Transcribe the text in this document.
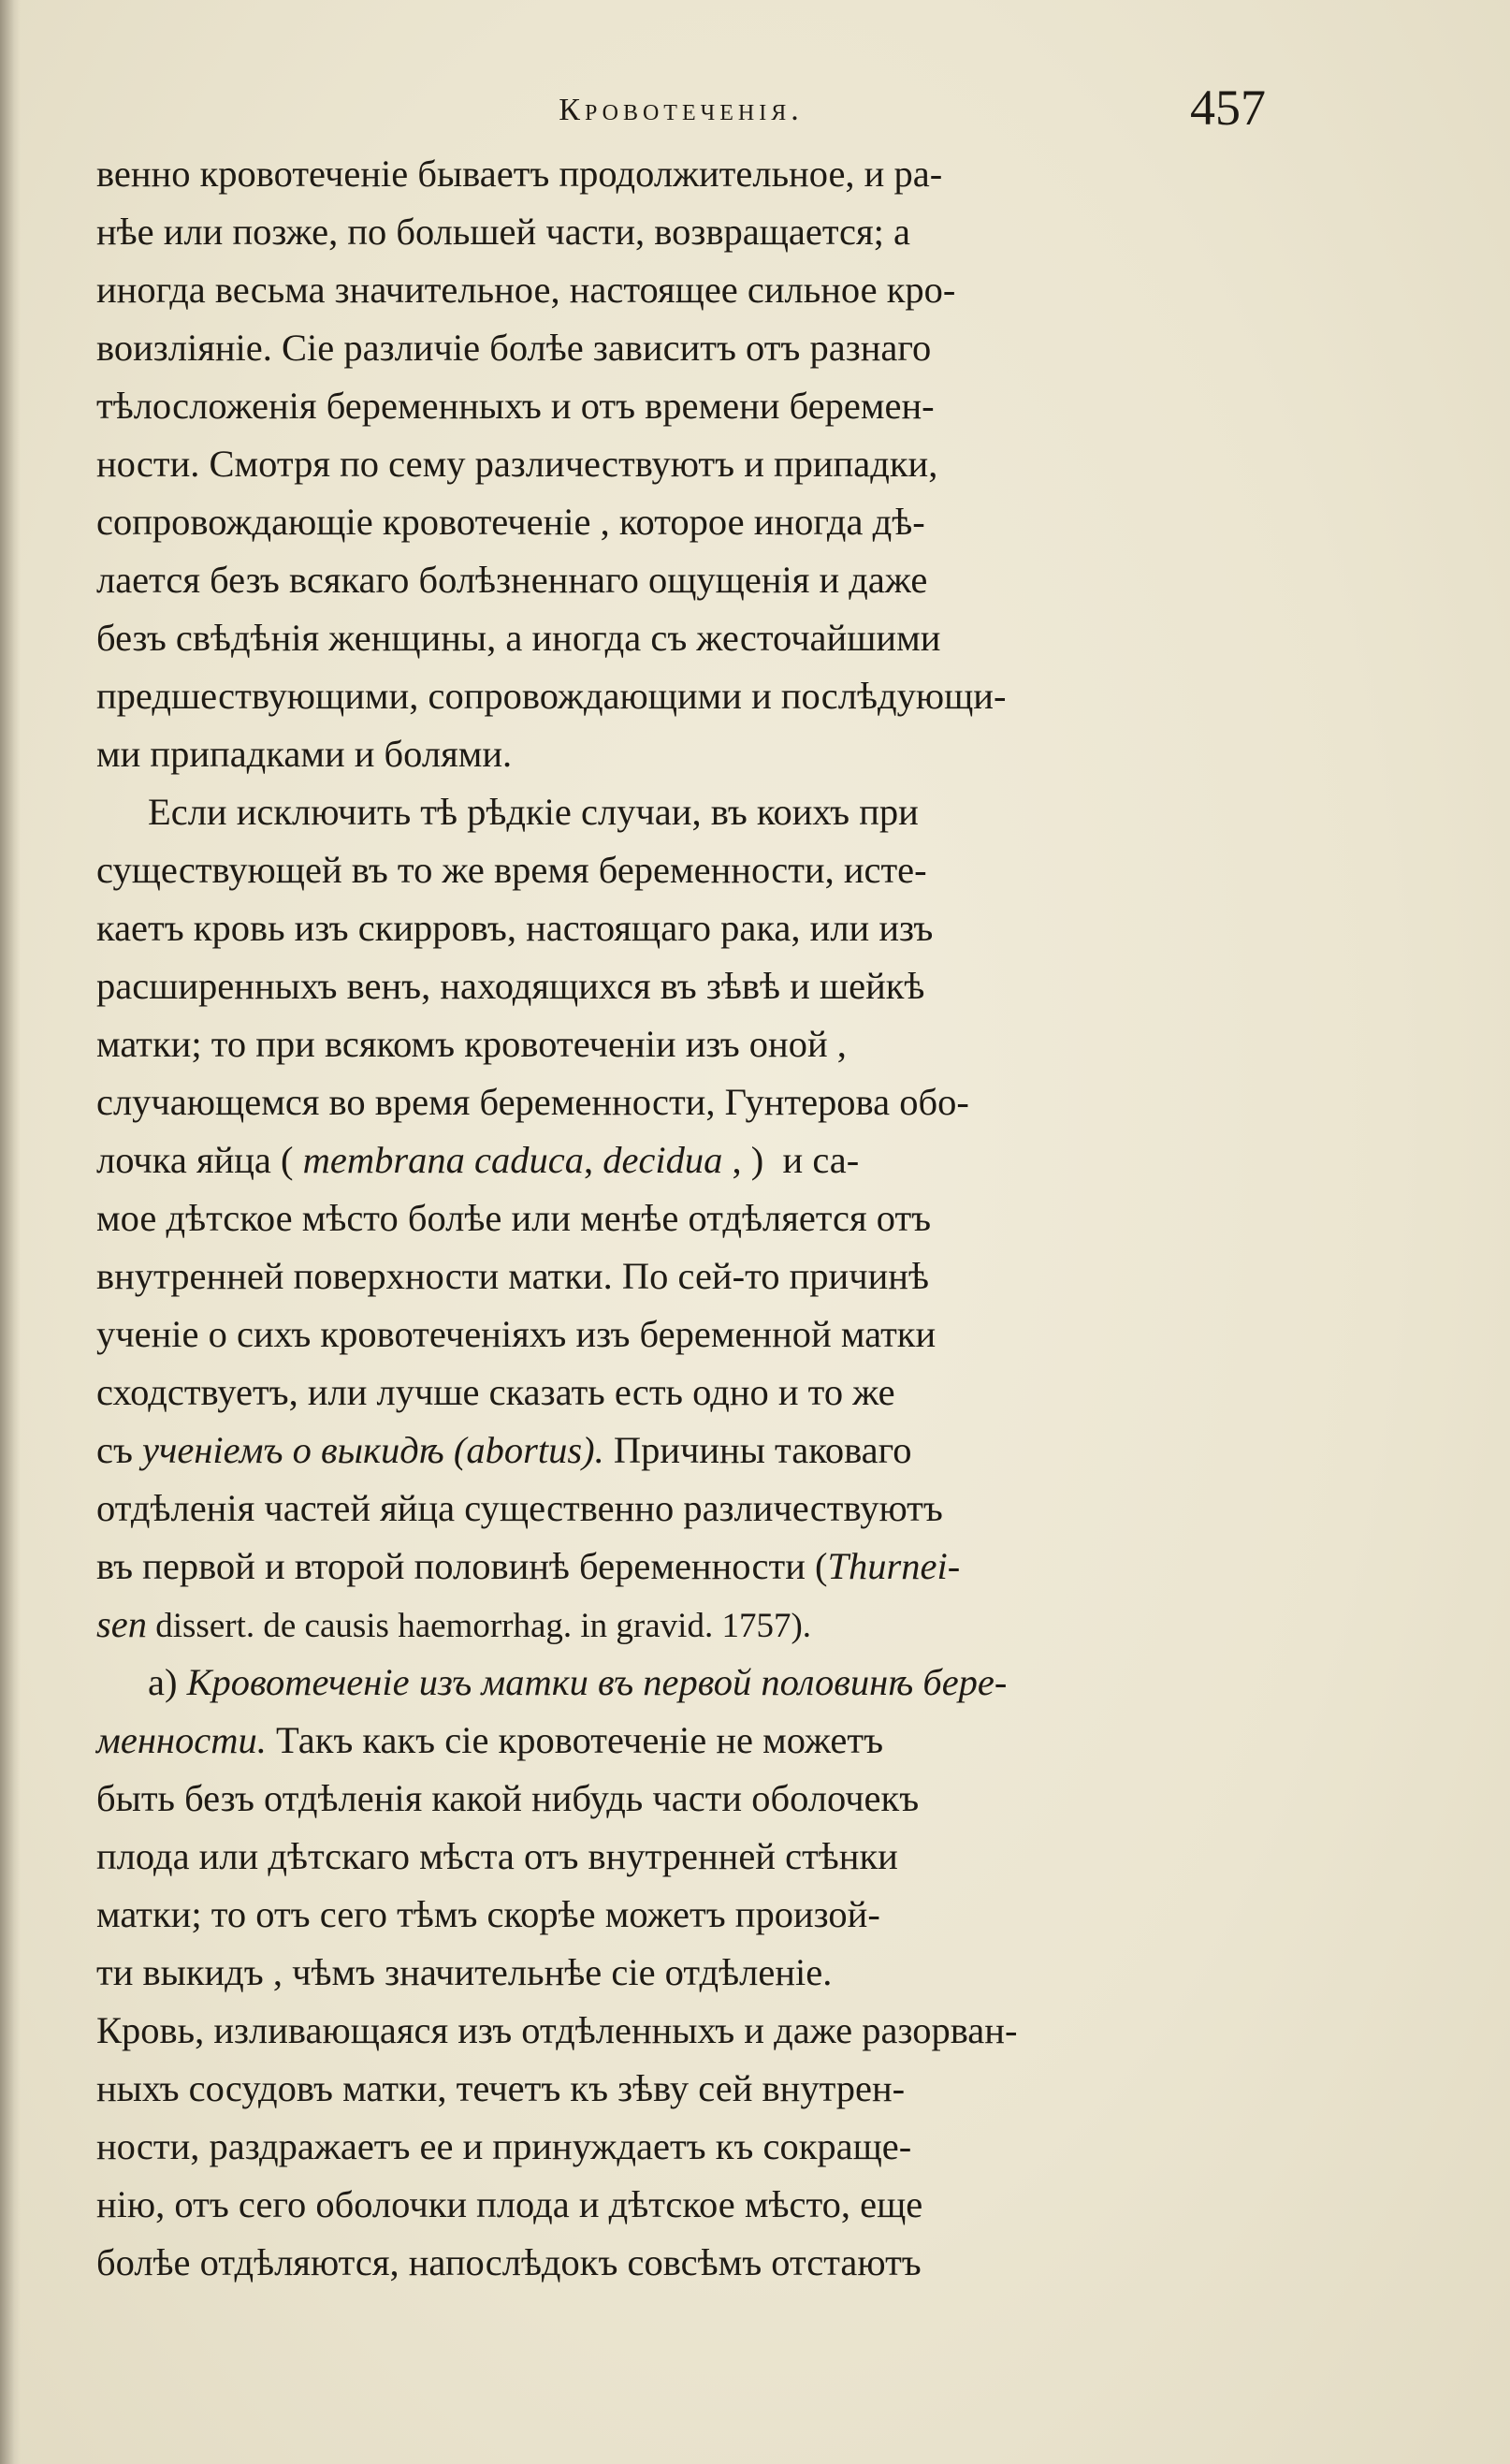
Кровотеченія.	457
венно кровотеченіе бываетъ продолжительное, и ра-
нѣе или позже, по большей части, возвращается; а
иногда весьма значительное, настоящее сильное кро-
воизліяніе. Сіе различіе болѣе зависитъ отъ разнаго
тѣлосложенія беременныхъ и отъ времени беремен-
ности. Смотря по сему различествуютъ и припадки,
сопровождающіе кровотеченіе , которое иногда дѣ-
лается безъ всякаго болѣзненнаго ощущенія и даже
безъ свѣдѣнія женщины, а иногда съ жесточайшими
предшествующими, сопровождающими и послѣдующи-
ми припадками и болями.
Если исключить тѣ рѣдкіе случаи, въ коихъ при
существующей въ то же время беременности, исте-
каетъ кровь изъ скирровъ, настоящаго рака, или изъ
расширенныхъ венъ, находящихся въ зѣвѣ и шейкѣ
матки; то при всякомъ кровотеченіи изъ оной ,
случающемся во время беременности, Гунтерова обо-
лочка яйца ( membrana caduca, decidua , )  и са-
мое дѣтское мѣсто болѣе или менѣе отдѣляется отъ
внутренней поверхности матки. По сей-то причинѣ
ученіе о сихъ кровотеченіяхъ изъ беременной матки
сходствуетъ, или лучше сказать есть одно и то же
съ ученіемъ о выкидѣ (abortus). Причины таковаго
отдѣленія частей яйца существенно различествуютъ
въ первой и второй половинѣ беременности (Thurnei-
sen dissert. de causis haemorrhag. in gravid. 1757).
а) Кровотеченіе изъ матки въ первой половинѣ бере-
менности. Такъ какъ сіе кровотеченіе не можетъ
быть безъ отдѣленія какой нибудь части оболочекъ
плода или дѣтскаго мѣста отъ внутренней стѣнки
матки; то отъ сего тѣмъ скорѣе можетъ произой-
ти выкидъ , чѣмъ значительнѣе сіе отдѣленіе.
Кровь, изливающаяся изъ отдѣленныхъ и даже разорван-
ныхъ сосудовъ матки, течетъ къ зѣву сей внутрен-
ности, раздражаетъ ее и принуждаетъ къ сокраще-
нію, отъ сего оболочки плода и дѣтское мѣсто, еще
болѣе отдѣляются, напослѣдокъ совсѣмъ отстаютъ
